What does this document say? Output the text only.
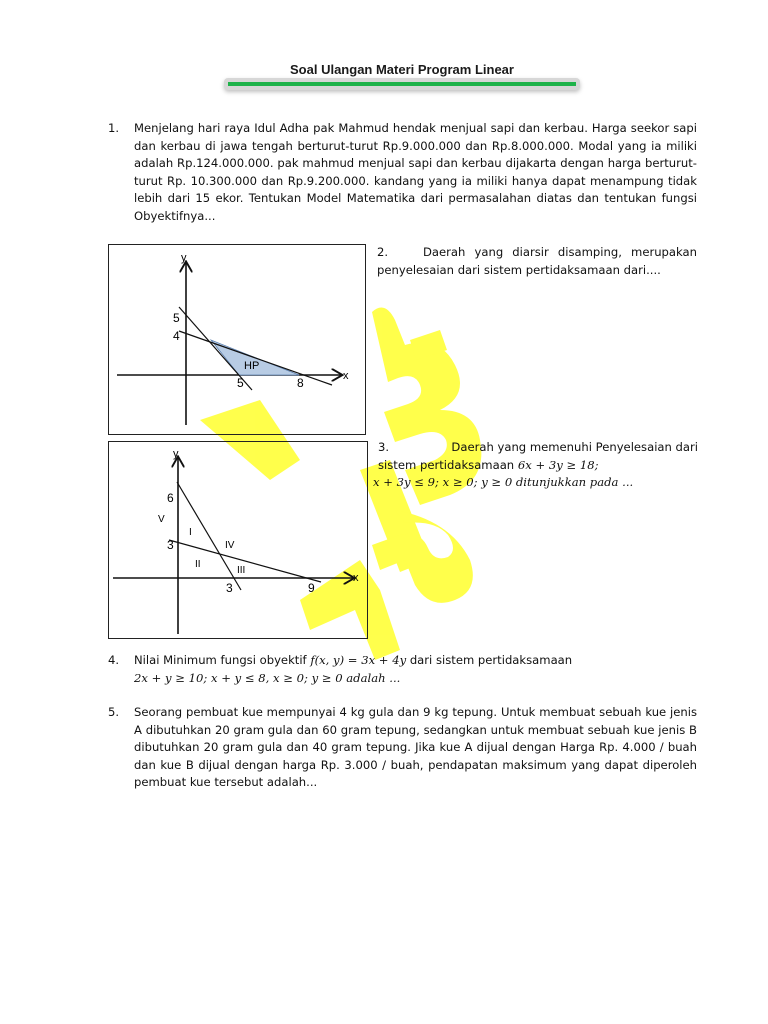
Soal Ulangan Materi Program Linear
1. Menjelang hari raya Idul Adha pak Mahmud hendak menjual sapi dan kerbau. Harga seekor sapi dan kerbau di jawa tengah berturut-turut Rp.9.000.000 dan Rp.8.000.000. Modal yang ia miliki adalah Rp.124.000.000. pak mahmud menjual sapi dan kerbau dijakarta dengan harga berturut-turut Rp. 10.300.000 dan Rp.9.200.000. kandang yang ia miliki hanya dapat menampung tidak lebih dari 15 ekor. Tentukan Model Matematika dari permasalahan diatas dan tentukan fungsi Obyektifnya...
y
x
5
4
5	8
HP
2.	Daerah yang diarsir disamping, merupakan penyelesaian dari sistem pertidaksamaan dari....
y
x
6
3
3	9
I
II
III
IV
V
3.	Daerah yang memenuhi Penyelesaian dari
sistem pertidaksamaan 6x + 3y ≥ 18;
x + 3y ≤ 9; x ≥ 0; y ≥ 0 ditunjukkan pada ...
4. Nilai Minimum fungsi obyektif f(x, y) = 3x + 4y dari sistem pertidaksamaan
2x + y ≥ 10; x + y ≤ 8, x ≥ 0; y ≥ 0 adalah ...
5. Seorang pembuat kue mempunyai 4 kg gula dan 9 kg tepung. Untuk membuat sebuah kue jenis A dibutuhkan 20 gram gula dan 60 gram tepung, sedangkan untuk membuat sebuah kue jenis B dibutuhkan 20 gram gula dan 40 gram tepung. Jika kue A dijual dengan Harga Rp. 4.000 / buah dan kue B dijual dengan harga Rp. 3.000 / buah, pendapatan maksimum yang dapat diperoleh pembuat kue tersebut adalah...
